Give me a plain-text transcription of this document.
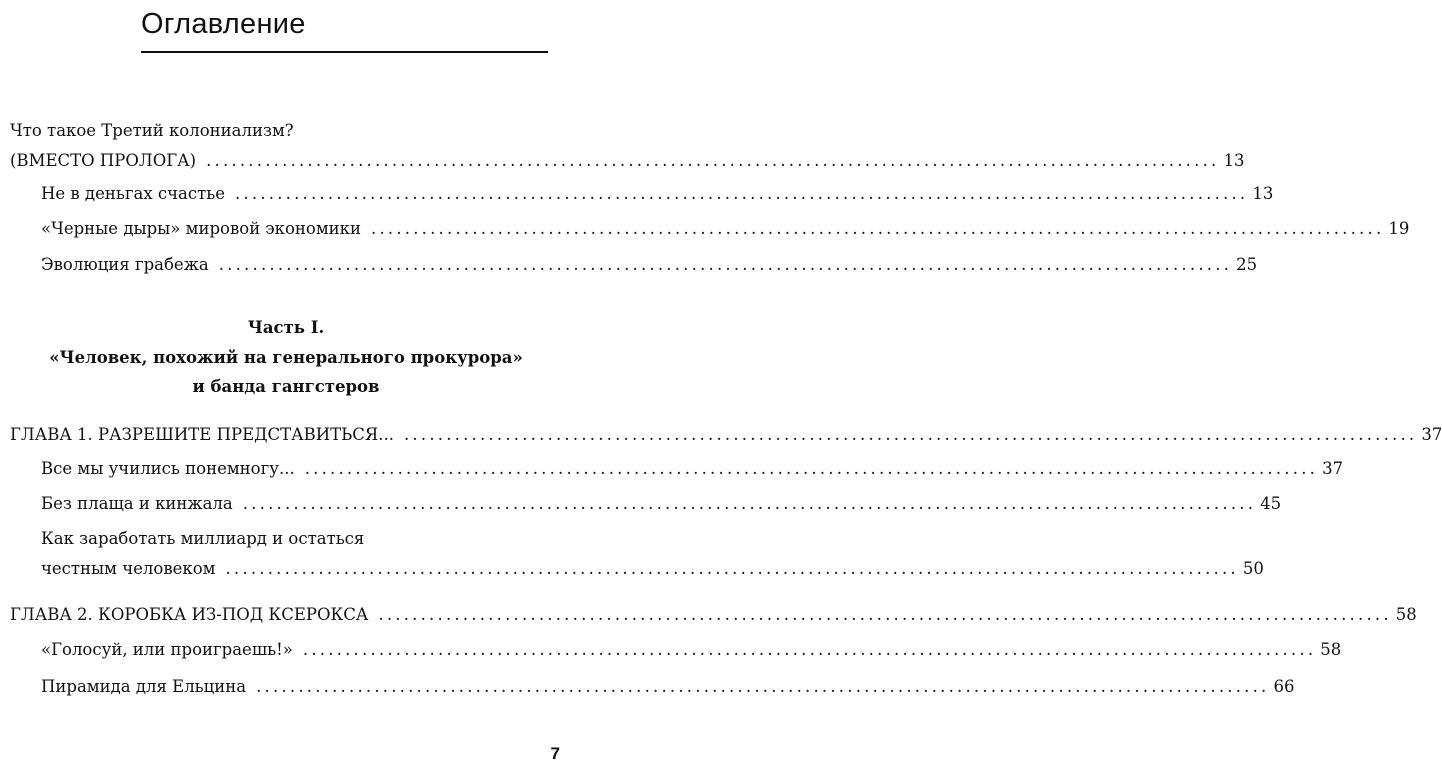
Оглавление
Что такое Третий колониализм?
(ВМЕСТО ПРОЛОГА) ........................................................................................................................ 13
Не в деньгах счастье ........................................................................................................................ 13
«Черные дыры» мировой экономики ........................................................................................................................ 19
Эволюция грабежа ........................................................................................................................ 25
Часть I.
«Человек, похожий на генерального прокурора»
и банда гангстеров
ГЛАВА 1. РАЗРЕШИТЕ ПРЕДСТАВИТЬСЯ... ........................................................................................................................ 37
Все мы учились понемногу... ........................................................................................................................ 37
Без плаща и кинжала ........................................................................................................................ 45
Как заработать миллиард и остаться
честным человеком ........................................................................................................................ 50
ГЛАВА 2. КОРОБКА ИЗ-ПОД КСЕРОКСА ........................................................................................................................ 58
«Голосуй, или проиграешь!» ........................................................................................................................ 58
Пирамида для Ельцина ........................................................................................................................ 66
7
